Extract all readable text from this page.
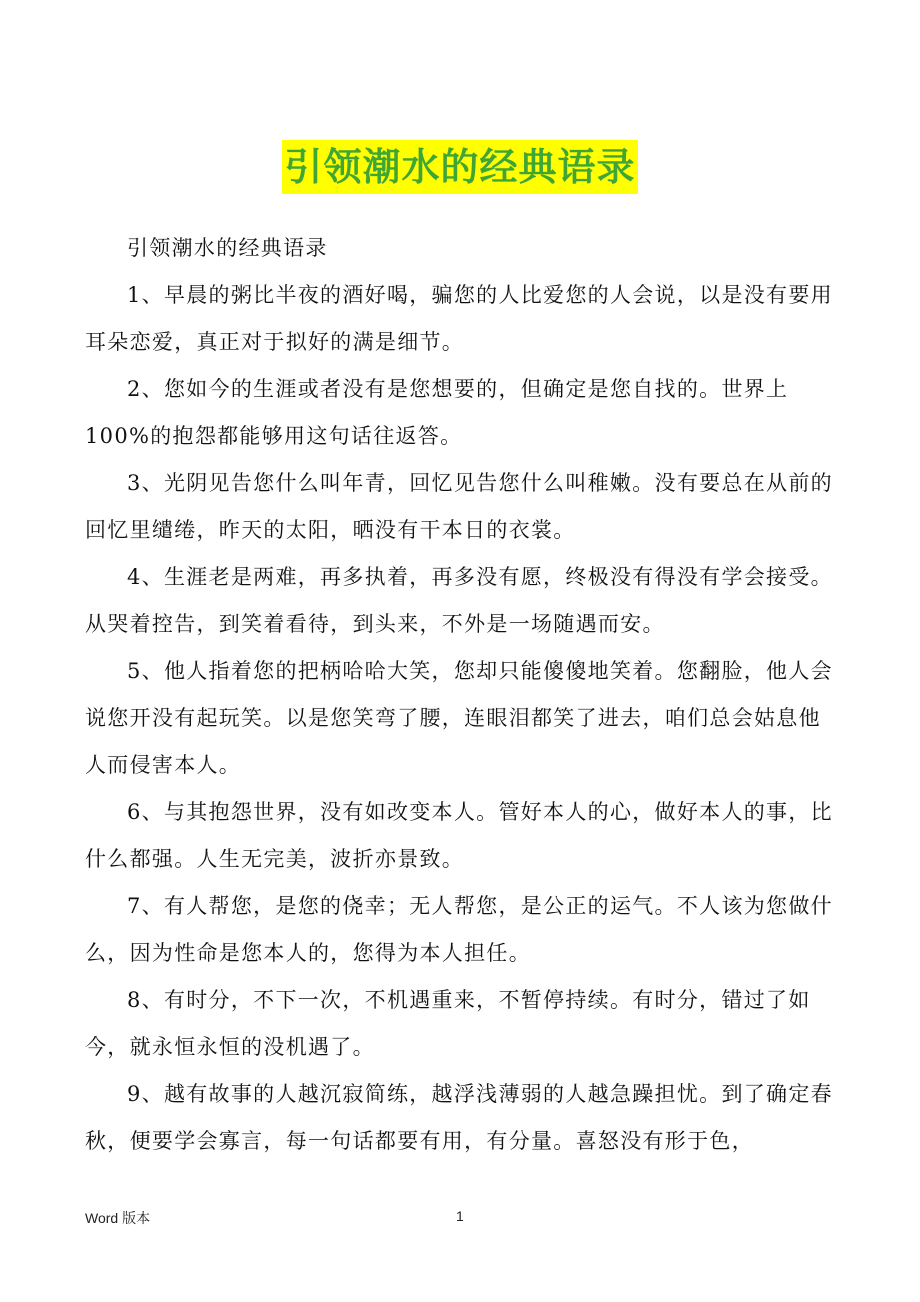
引领潮水的经典语录

引领潮水的经典语录

1、早晨的粥比半夜的酒好喝，骗您的人比爱您的人会说，以是没有要用耳朵恋爱，真正对于拟好的满是细节。

2、您如今的生涯或者没有是您想要的，但确定是您自找的。世界上100%的抱怨都能够用这句话往返答。

3、光阴见告您什么叫年青，回忆见告您什么叫稚嫩。没有要总在从前的回忆里缱绻，昨天的太阳，晒没有干本日的衣裳。

4、生涯老是两难，再多执着，再多没有愿，终极没有得没有学会接受。从哭着控告，到笑着看待，到头来，不外是一场随遇而安。

5、他人指着您的把柄哈哈大笑，您却只能傻傻地笑着。您翻脸，他人会说您开没有起玩笑。以是您笑弯了腰，连眼泪都笑了进去，咱们总会姑息他人而侵害本人。

6、与其抱怨世界，没有如改变本人。管好本人的心，做好本人的事，比什么都强。人生无完美，波折亦景致。

7、有人帮您，是您的侥幸；无人帮您，是公正的运气。不人该为您做什么，因为性命是您本人的，您得为本人担任。

8、有时分，不下一次，不机遇重来，不暂停持续。有时分，错过了如今，就永恒永恒的没机遇了。

9、越有故事的人越沉寂简练，越浮浅薄弱的人越急躁担忧。到了确定春秋，便要学会寡言，每一句话都要有用，有分量。喜怒没有形于色，

Word 版本	1
